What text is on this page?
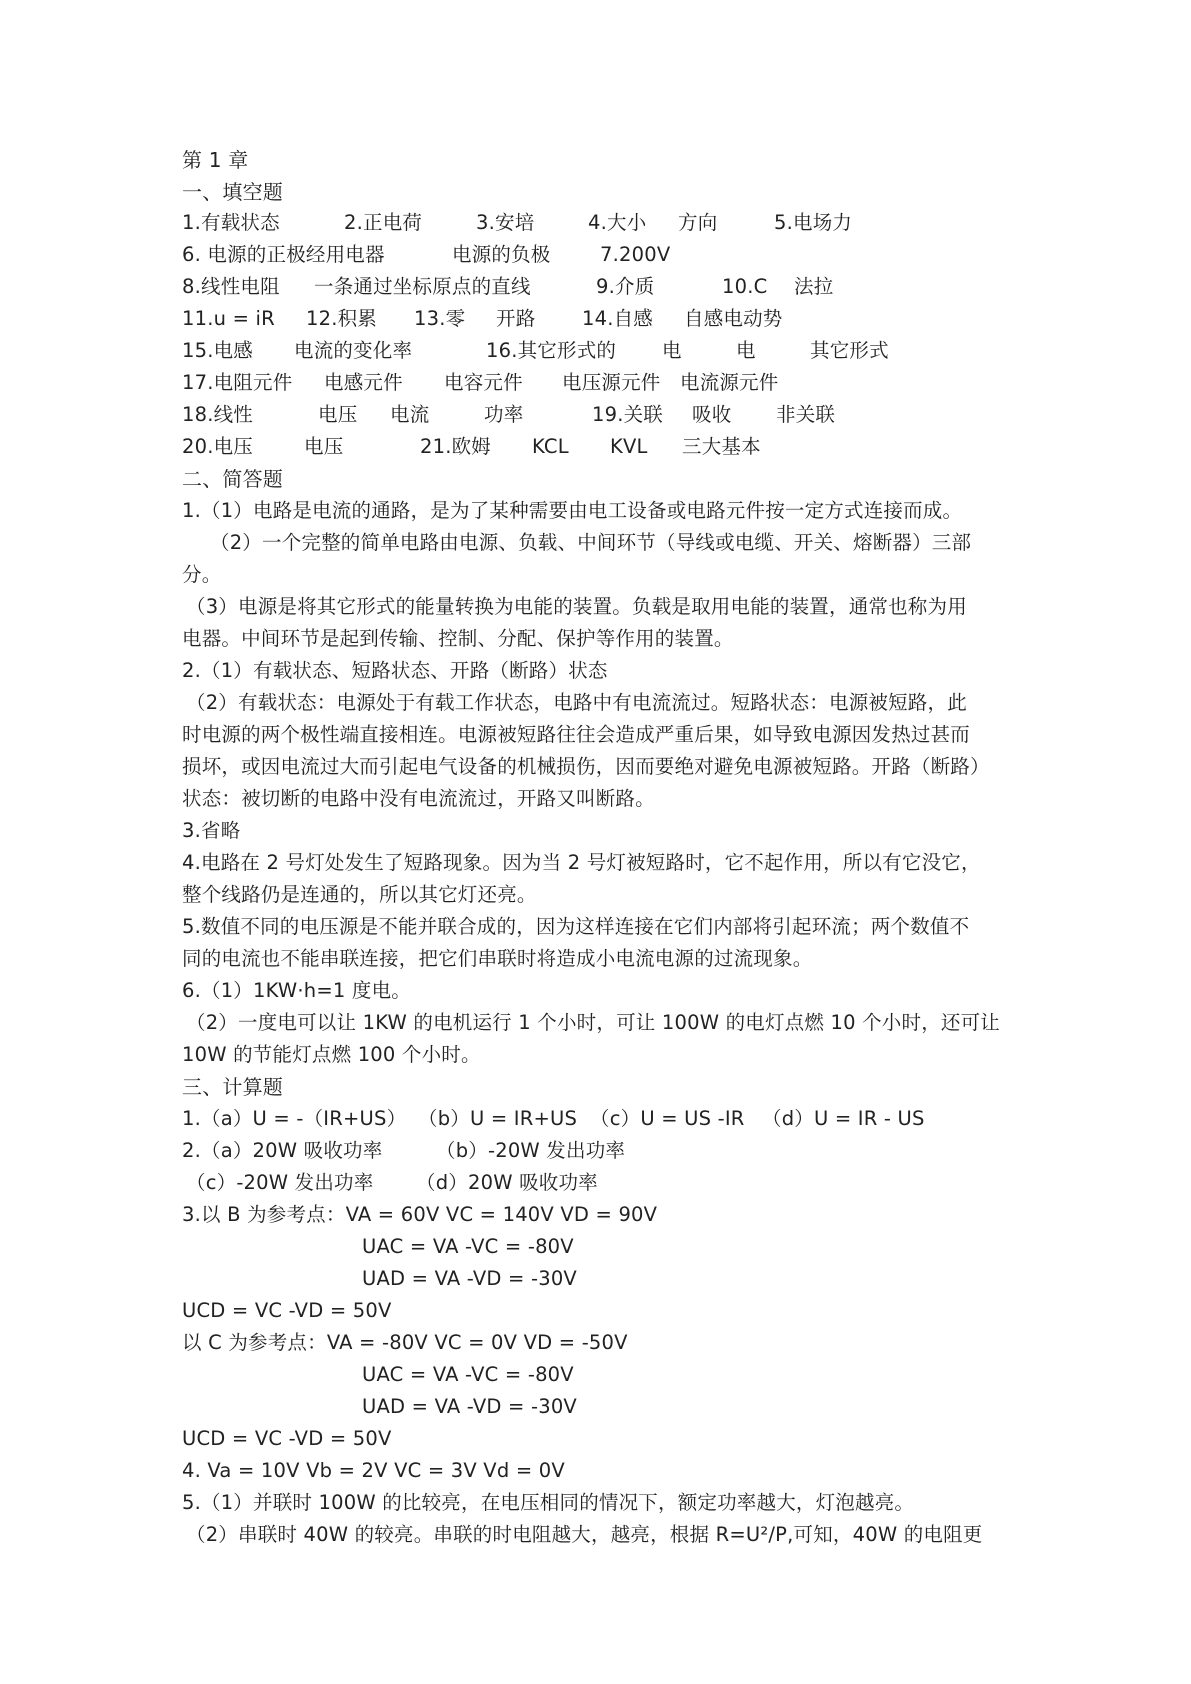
第 1 章
一、填空题
1.有载状态	2.正电荷	3.安培	4.大小 方向	5.电场力
6. 电源的正极经用电器	电源的负极	7.200V
8.线性电阻 一条通过坐标原点的直线	9.介质	10.C 法拉
11.u = iR 12.积累 13.零 开路 14.自感 自感电动势
15.电感 电流的变化率	16.其它形式的 电	电	其它形式
17.电阻元件 电感元件 电容元件 电压源元件 电流源元件
18.线性	电压 电流	功率	19.关联 吸收 非关联
20.电压	电压	21.欧姆 KCL KVL 三大基本
二、简答题
1.（1）电路是电流的通路，是为了某种需要由电工设备或电路元件按一定方式连接而成。
（2）一个完整的简单电路由电源、负载、中间环节（导线或电缆、开关、熔断器）三部
分。
（3）电源是将其它形式的能量转换为电能的装置。负载是取用电能的装置，通常也称为用
电器。中间环节是起到传输、控制、分配、保护等作用的装置。
2.（1）有载状态、短路状态、开路（断路）状态
（2）有载状态：电源处于有载工作状态，电路中有电流流过。短路状态：电源被短路，此
时电源的两个极性端直接相连。电源被短路往往会造成严重后果，如导致电源因发热过甚而
损坏，或因电流过大而引起电气设备的机械损伤，因而要绝对避免电源被短路。开路（断路）
状态：被切断的电路中没有电流流过，开路又叫断路。
3.省略
4.电路在 2 号灯处发生了短路现象。因为当 2 号灯被短路时，它不起作用，所以有它没它，
整个线路仍是连通的，所以其它灯还亮。
5.数值不同的电压源是不能并联合成的，因为这样连接在它们内部将引起环流；两个数值不
同的电流也不能串联连接，把它们串联时将造成小电流电源的过流现象。
6.（1）1KW·h=1 度电。
（2）一度电可以让 1KW 的电机运行 1 个小时，可让 100W 的电灯点燃 10 个小时，还可让
10W 的节能灯点燃 100 个小时。
三、计算题
1.（a）U = -（IR+US） （b）U = IR+US （c）U = US -IR （d）U = IR - US
2.（a）20W 吸收功率	（b）-20W 发出功率
（c）-20W 发出功率 （d）20W 吸收功率
3.以 B 为参考点：VA = 60V VC = 140V VD = 90V
UAC = VA -VC = -80V
UAD = VA -VD = -30V
UCD = VC -VD = 50V
以 C 为参考点：VA = -80V VC = 0V VD = -50V
UAC = VA -VC = -80V
UAD = VA -VD = -30V
UCD = VC -VD = 50V
4. Va = 10V Vb = 2V VC = 3V Vd = 0V
5.（1）并联时 100W 的比较亮，在电压相同的情况下，额定功率越大，灯泡越亮。
（2）串联时 40W 的较亮。串联的时电阻越大，越亮，根据 R=U²/P,可知，40W 的电阻更
